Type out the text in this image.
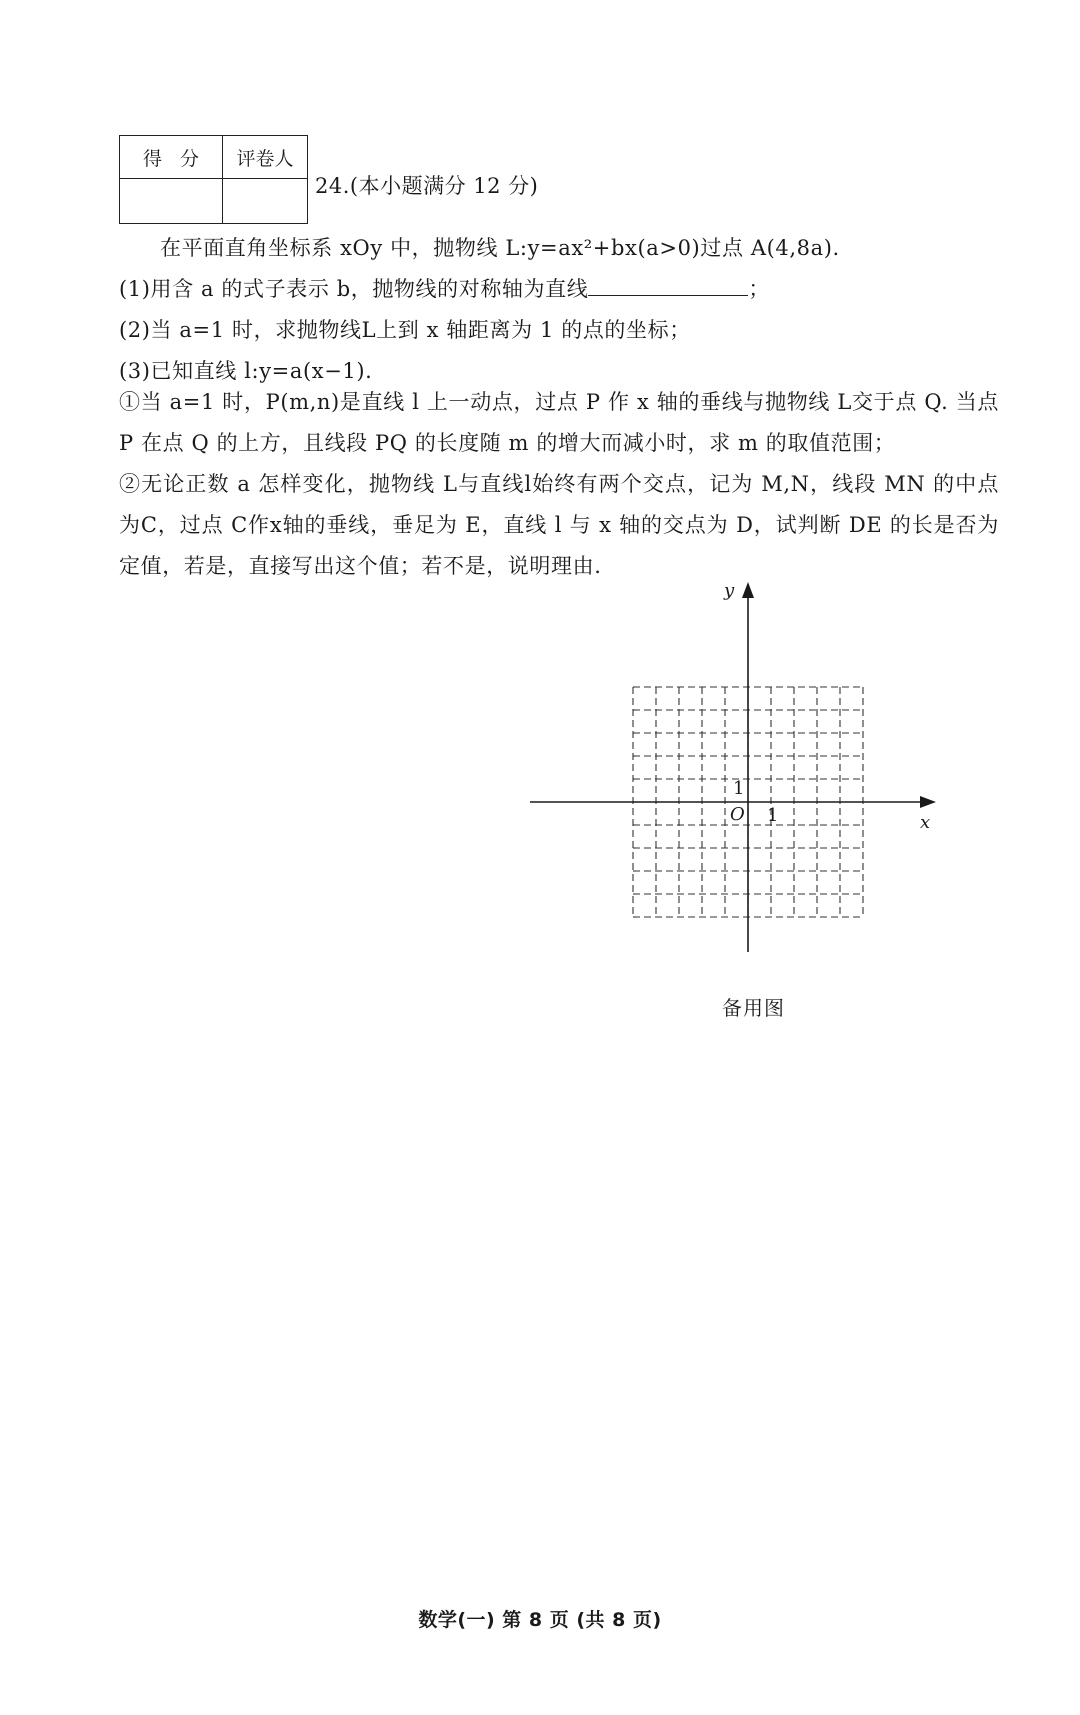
得分	评卷人

24.(本小题满分 12 分)
在平面直角坐标系 xOy 中，抛物线 L:y=ax²+bx(a>0)过点 A(4,8a).
(1)用含 a 的式子表示 b，抛物线的对称轴为直线	；
(2)当 a=1 时，求抛物线L上到 x 轴距离为 1 的点的坐标；
(3)已知直线 l:y=a(x−1).
①当 a=1 时，P(m,n)是直线 l 上一动点，过点 P 作 x 轴的垂线与抛物线 L交于点 Q. 当点 P 在点 Q 的上方，且线段 PQ 的长度随 m 的增大而减小时，求 m 的取值范围；
②无论正数 a 怎样变化，抛物线 L与直线l始终有两个交点，记为 M,N，线段 MN 的中点为C，过点 C作x轴的垂线，垂足为 E，直线 l 与 x 轴的交点为 D，试判断 DE 的长是否为定值，若是，直接写出这个值；若不是，说明理由.
x
y
O 1
1
备用图
数学(一) 第 8 页 (共 8 页)
